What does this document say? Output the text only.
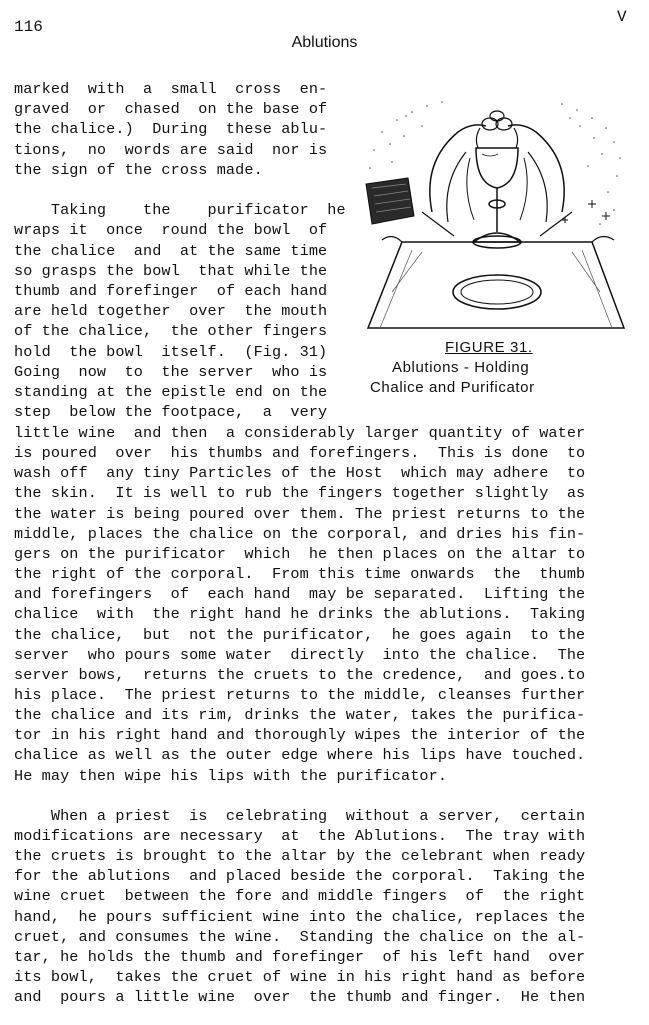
116
V
Ablutions
marked  with  a  small  cross  en-
graved  or  chased  on the base of
the chalice.)  During  these ablu-
tions,  no  words are said  nor is
the sign of the cross made.
Taking    the    purificator  he
wraps it  once  round the bowl  of
the chalice  and  at the same time
so grasps the bowl  that while the
thumb and forefinger  of each hand
are held together  over  the mouth
of the chalice,  the other fingers
hold  the bowl  itself.  (Fig. 31)
Going  now  to  the server  who is
standing at the epistle end on the
step  below the footpace,  a  very
little wine  and then  a considerably larger quantity of water
is poured  over  his thumbs and forefingers.  This is done  to
wash off  any tiny Particles of the Host  which may adhere  to
the skin.  It is well to rub the fingers together slightly  as
the water is being poured over them. The priest returns to the
middle, places the chalice on the corporal, and dries his fin-
gers on the purificator  which  he then places on the altar to
the right of the corporal.  From this time onwards  the  thumb
and forefingers  of  each hand  may be separated.  Lifting the
chalice  with  the right hand he drinks the ablutions.  Taking
the chalice,  but  not the purificator,  he goes again  to the
server  who pours some water  directly  into the chalice.  The
server bows,  returns the cruets to the credence,  and goes.to
his place.  The priest returns to the middle, cleanses further
the chalice and its rim, drinks the water, takes the purifica-
tor in his right hand and thoroughly wipes the interior of the
chalice as well as the outer edge where his lips have touched.
He may then wipe his lips with the purificator.
When a priest  is  celebrating  without a server,  certain
modifications are necessary  at  the Ablutions.  The tray with
the cruets is brought to the altar by the celebrant when ready
for the ablutions  and placed beside the corporal.  Taking the
wine cruet  between the fore and middle fingers  of  the right
hand,  he pours sufficient wine into the chalice, replaces the
cruet, and consumes the wine.  Standing the chalice on the al-
tar, he holds the thumb and forefinger  of his left hand  over
its bowl,  takes the cruet of wine in his right hand as before
and  pours a little wine  over  the thumb and finger.  He then
FIGURE 31.
Ablutions - Holding
Chalice and Purificator
